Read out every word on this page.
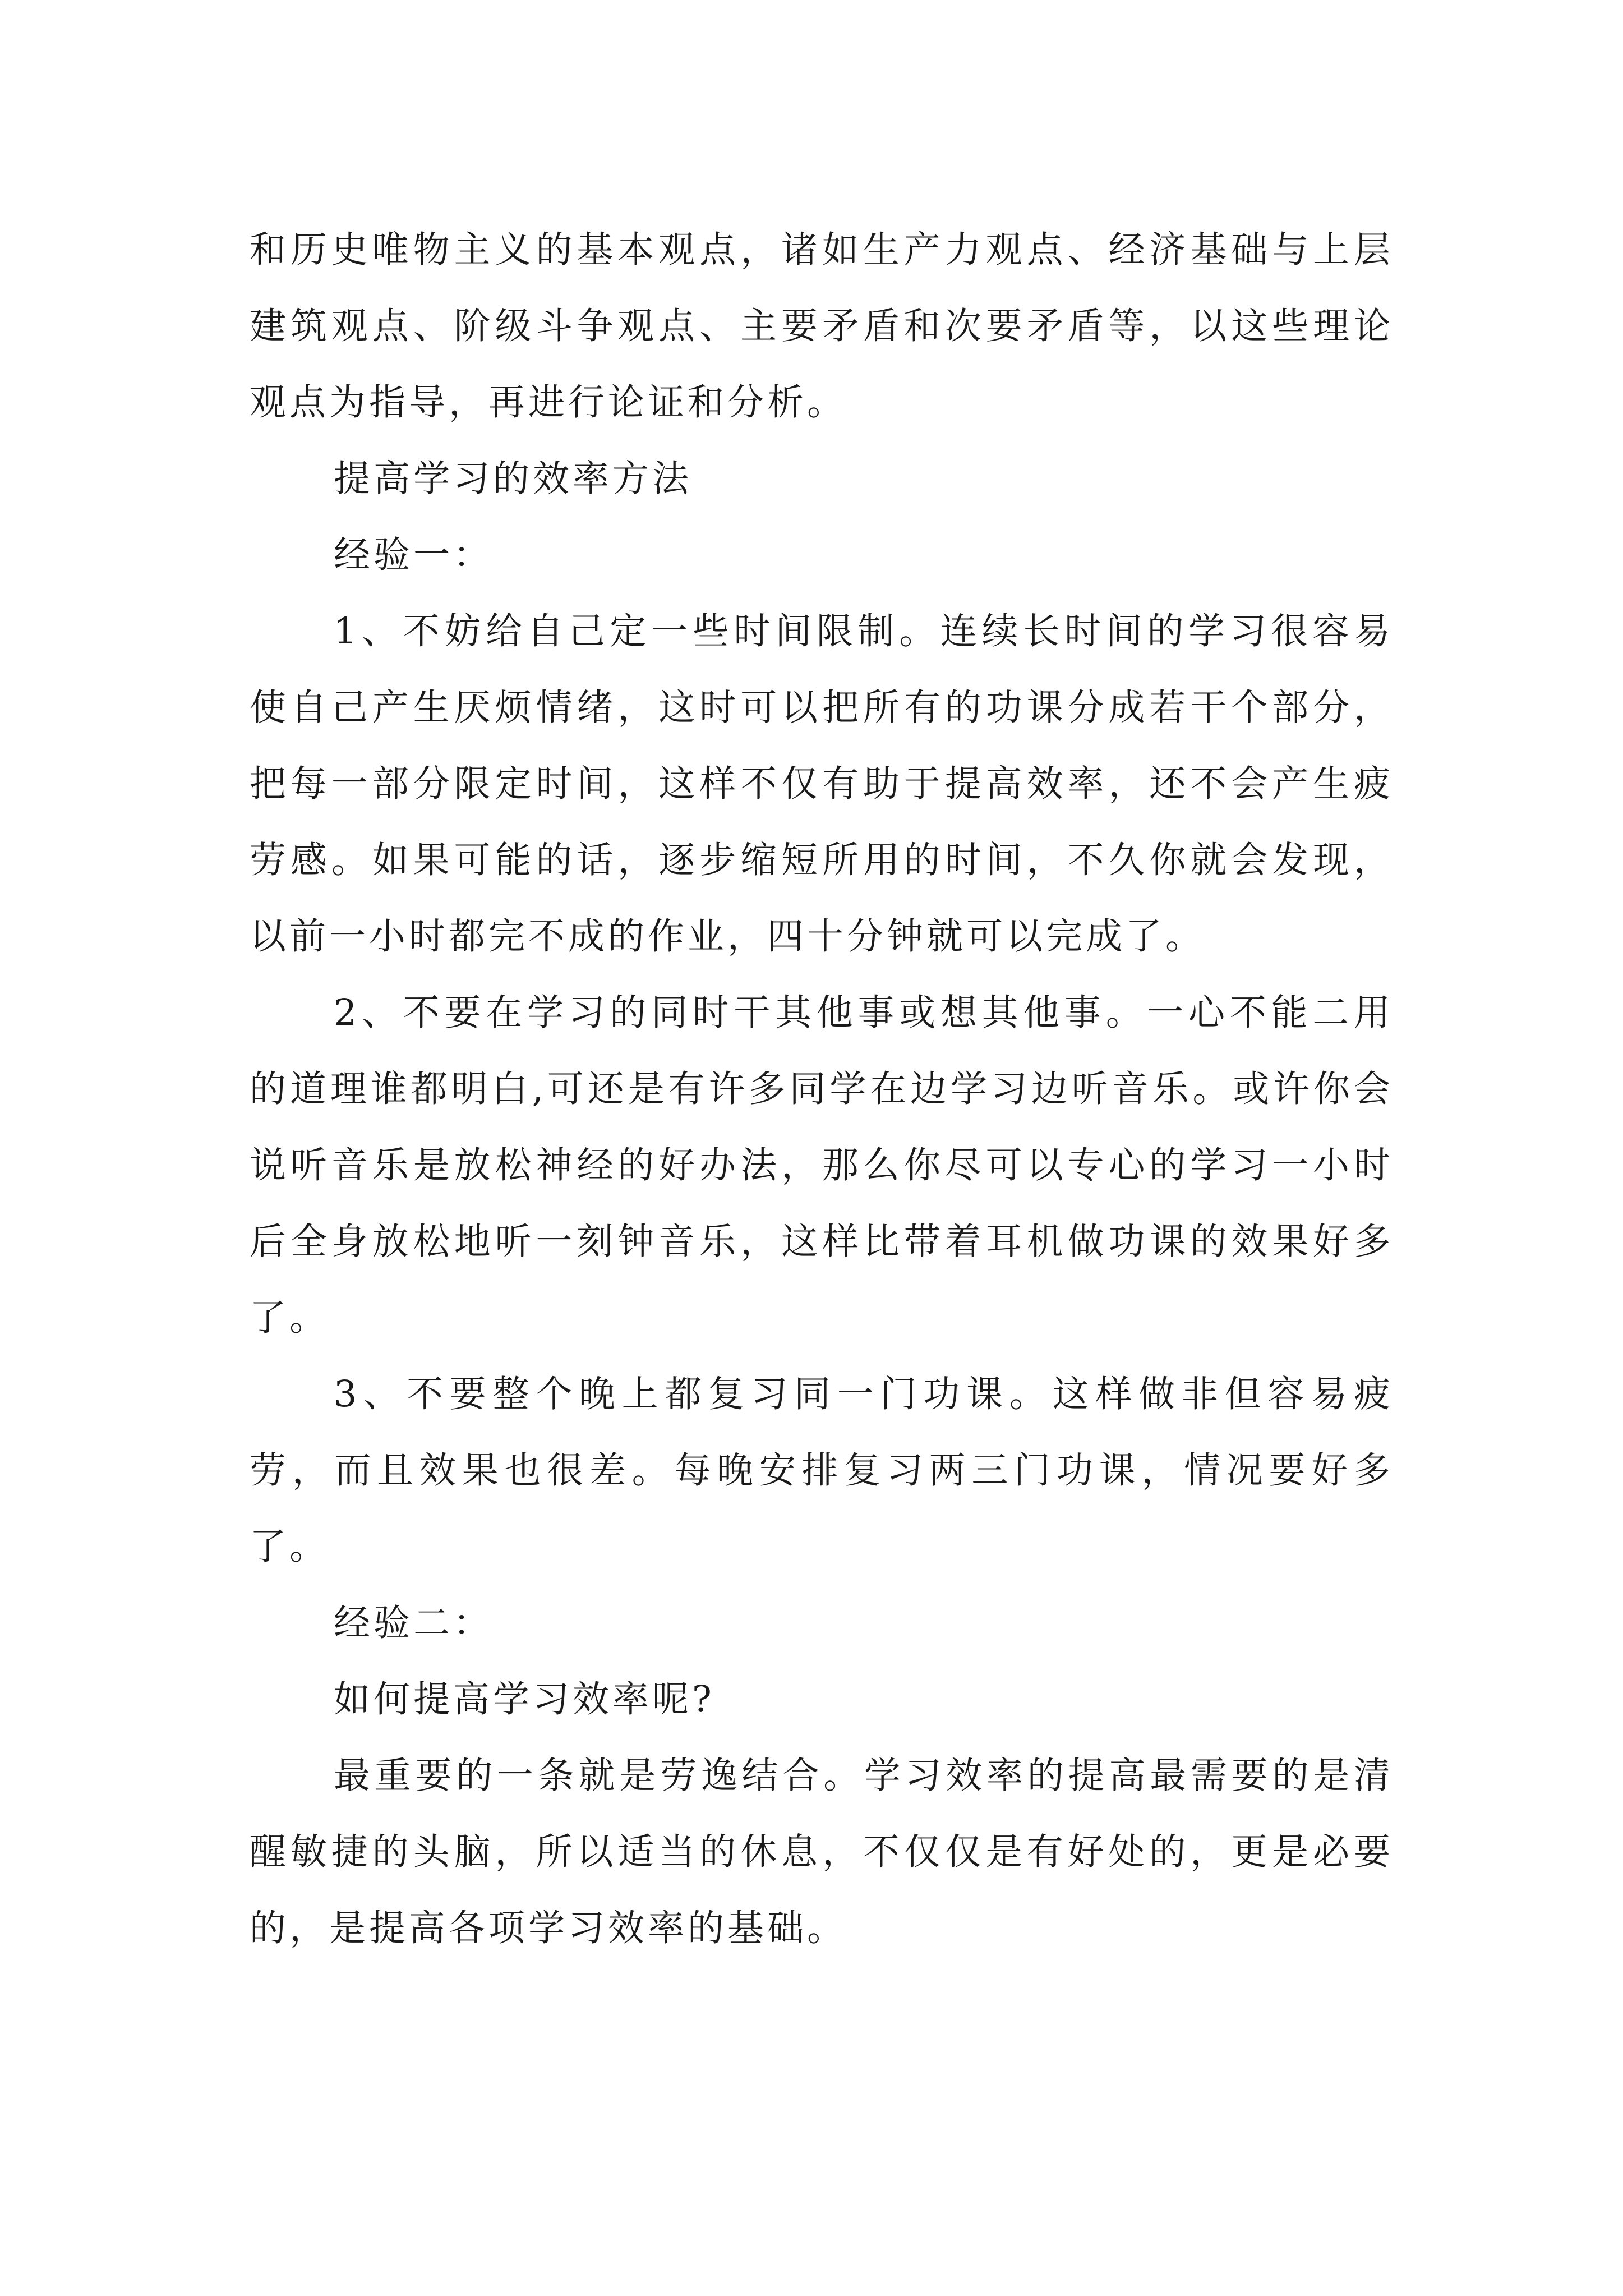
和历史唯物主义的基本观点，诸如生产力观点、经济基础与上层建筑观点、阶级斗争观点、主要矛盾和次要矛盾等，以这些理论观点为指导，再进行论证和分析。

提高学习的效率方法

经验一：

1、不妨给自己定一些时间限制。连续长时间的学习很容易使自己产生厌烦情绪，这时可以把所有的功课分成若干个部分，把每一部分限定时间，这样不仅有助于提高效率，还不会产生疲劳感。如果可能的话，逐步缩短所用的时间，不久你就会发现，以前一小时都完不成的作业，四十分钟就可以完成了。

2、不要在学习的同时干其他事或想其他事。一心不能二用的道理谁都明白,可还是有许多同学在边学习边听音乐。或许你会说听音乐是放松神经的好办法，那么你尽可以专心的学习一小时后全身放松地听一刻钟音乐，这样比带着耳机做功课的效果好多了。

3、不要整个晚上都复习同一门功课。这样做非但容易疲劳，而且效果也很差。每晚安排复习两三门功课，情况要好多了。

经验二：

如何提高学习效率呢?

最重要的一条就是劳逸结合。学习效率的提高最需要的是清醒敏捷的头脑，所以适当的休息，不仅仅是有好处的，更是必要的，是提高各项学习效率的基础。
